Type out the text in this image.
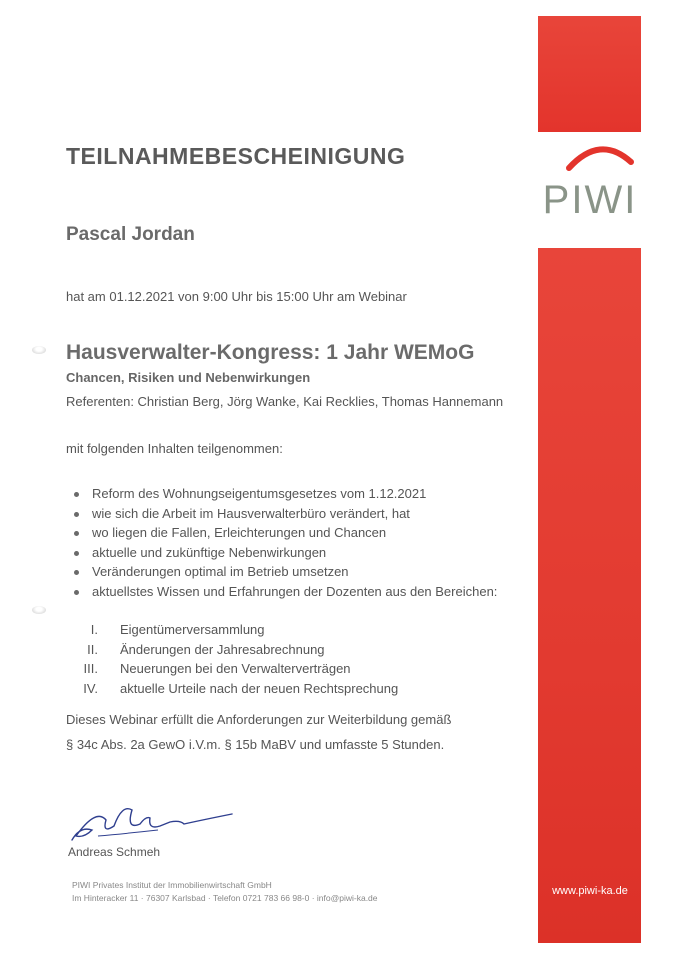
PIWI
www.piwi-ka.de
TEILNAHMEBESCHEINIGUNG
Pascal Jordan
hat am 01.12.2021 von 9:00 Uhr bis 15:00 Uhr am Webinar
Hausverwalter-Kongress: 1 Jahr WEMoG
Chancen, Risiken und Nebenwirkungen
Referenten: Christian Berg, Jörg Wanke, Kai Recklies, Thomas Hannemann
mit folgenden Inhalten teilgenommen:
Reform des Wohnungseigentumsgesetzes vom 1.12.2021
wie sich die Arbeit im Hausverwalterbüro verändert, hat
wo liegen die Fallen, Erleichterungen und Chancen
aktuelle und zukünftige Nebenwirkungen
Veränderungen optimal im Betrieb umsetzen
aktuellstes Wissen und Erfahrungen der Dozenten aus den Bereichen:
I. Eigentümerversammlung
II. Änderungen der Jahresabrechnung
III. Neuerungen bei den Verwalterverträgen
IV. aktuelle Urteile nach der neuen Rechtsprechung
Dieses Webinar erfüllt die Anforderungen zur Weiterbildung gemäß
§ 34c Abs. 2a GewO i.V.m. § 15b MaBV und umfasste 5 Stunden.
Andreas Schmeh
PIWI Privates Institut der Immobilienwirtschaft GmbH
Im Hinteracker 11 · 76307 Karlsbad · Telefon 0721 783 66 98-0 · info@piwi-ka.de
